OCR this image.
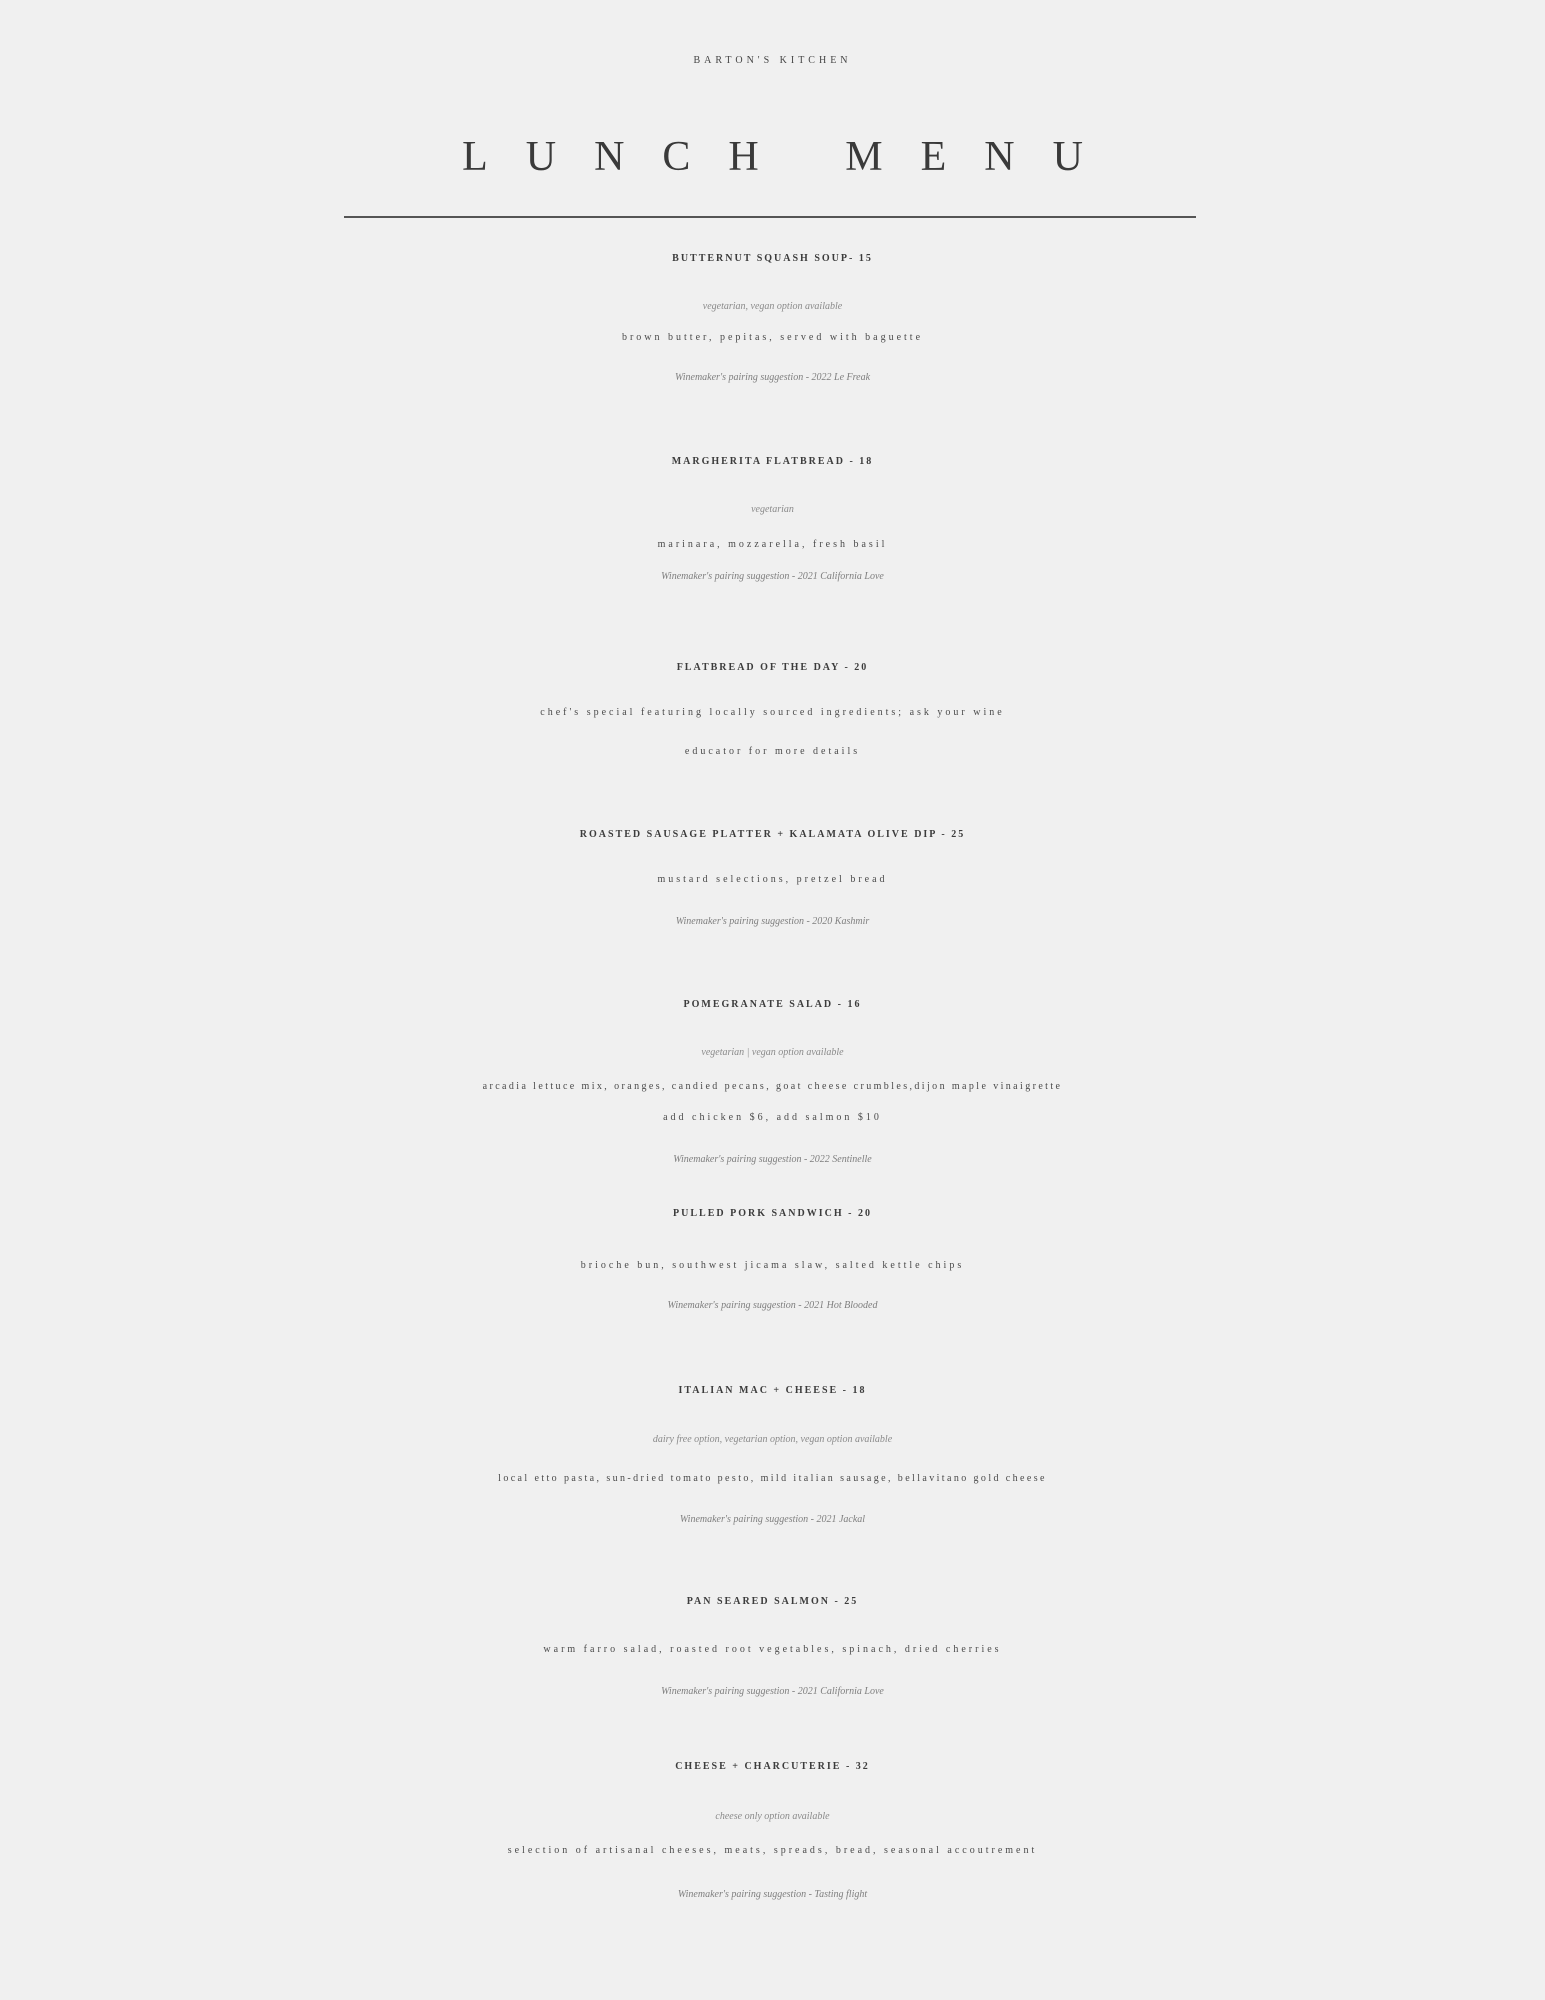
BARTON'S KITCHEN
LUNCH MENU
BUTTERNUT SQUASH SOUP- 15
vegetarian, vegan option available
brown butter, pepitas, served with baguette
Winemaker's pairing suggestion - 2022 Le Freak
MARGHERITA FLATBREAD - 18
vegetarian
marinara, mozzarella, fresh basil
Winemaker's pairing suggestion - 2021 California Love
FLATBREAD OF THE DAY - 20
chef's special featuring locally sourced ingredients; ask your wine
educator for more details
ROASTED SAUSAGE PLATTER + KALAMATA OLIVE DIP - 25
mustard selections, pretzel bread
Winemaker's pairing suggestion - 2020 Kashmir
POMEGRANATE SALAD - 16
vegetarian | vegan option available
arcadia lettuce mix, oranges, candied pecans, goat cheese crumbles,dijon maple vinaigrette
add chicken $6, add salmon $10
Winemaker's pairing suggestion - 2022 Sentinelle
PULLED PORK SANDWICH - 20
brioche bun, southwest jicama slaw, salted kettle chips
Winemaker's pairing suggestion - 2021 Hot Blooded
ITALIAN MAC + CHEESE - 18
dairy free option, vegetarian option, vegan option available
local etto pasta, sun-dried tomato pesto, mild italian sausage, bellavitano gold cheese
Winemaker's pairing suggestion - 2021 Jackal
PAN SEARED SALMON - 25
warm farro salad, roasted root vegetables, spinach, dried cherries
Winemaker's pairing suggestion - 2021 California Love
CHEESE + CHARCUTERIE - 32
cheese only option available
selection of artisanal cheeses, meats, spreads, bread, seasonal accoutrement
Winemaker's pairing suggestion - Tasting flight
